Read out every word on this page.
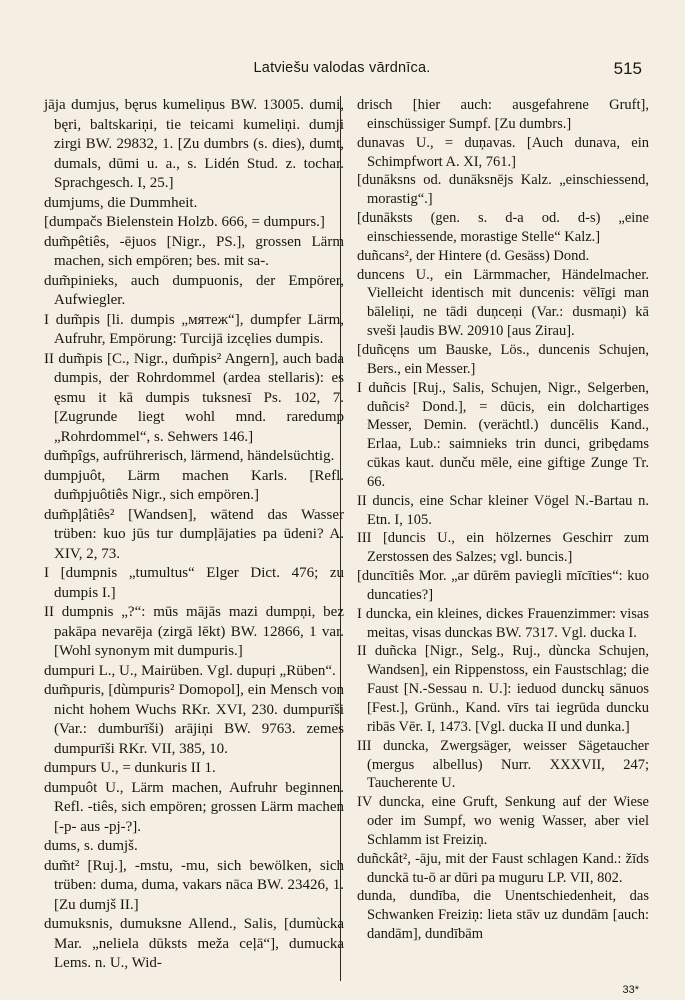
Latviešu valodas vārdnīca.	515

jāja dumjus, bęrus kumeliņus BW. 13005. dumi, bęri, baltskariņi, tie teicami kumeliņi. dumji zirgi BW. 29832, 1. [Zu dumbrs (s. dies), dumt, dumals, dūmi u. a., s. Lidén Stud. z. tochar. Sprachgesch. I, 25.]

dumjums, die Dummheit.

[dumpačs Bielenstein Holzb. 666, = dumpurs.]

dum̃pêtiês, -ējuos [Nigr., PS.], grossen Lärm machen, sich empören; bes. mit sa-.

dum̃pinieks, auch dumpuonis, der Empörer, Aufwiegler.

I dum̃pis [li. dumpis „мятеж“], dumpfer Lärm, Aufruhr, Empörung: Turcijā izcęlies dumpis.

II dum̃pis [C., Nigr., dum̃pis² Angern], auch bada dumpis, der Rohrdommel (ardea stellaris): es ęsmu it kā dumpis tuksnesī Ps. 102, 7. [Zugrunde liegt wohl mnd. raredump „Rohrdommel“, s. Sehwers 146.]

dum̃pîgs, aufrührerisch, lärmend, händelsüchtig.

dumpjuôt, Lärm machen Karls. [Refl. dum̃pjuôtiês Nigr., sich empören.]

dum̃pļâtiês² [Wandsen], wātend das Wasser trüben: kuo jūs tur dumpļājaties pa ūdeni? A. XIV, 2, 73.

I [dumpnis „tumultus“ Elger Dict. 476; zu dumpis I.]

II dumpnis „?“: mūs mājās mazi dumpņi, bez pakāpa nevarēja (zirgā lēkt) BW. 12866, 1 var. [Wohl synonym mit dumpuris.]

dumpuri L., U., Mairüben. Vgl. dupuŗi „Rüben“.

dum̃puris, [dùmpuris² Domopol], ein Mensch von nicht hohem Wuchs RKr. XVI, 230. dumpurīši (Var.: dumburīši) arājiņi BW. 9763. zemes dumpurīši RKr. VII, 385, 10.

dumpurs U., = dunkuris II 1.

dumpuôt U., Lärm machen, Aufruhr beginnen. Refl. -tiês, sich empören; grossen Lärm machen [-p- aus -pj-?].

dums, s. dumjš.

dum̃t² [Ruj.], -mstu, -mu, sich bewölken, sich trüben: duma, duma, vakars nāca BW. 23426, 1. [Zu dumjš II.]

dumuksnis, dumuksne Allend., Salis, [dumùcka Mar. „neliela dūksts meža ceļā“], dumucka Lems. n. U., Wid-

drisch [hier auch: ausgefahrene Gruft], einschüssiger Sumpf. [Zu dumbrs.]

dunavas U., = duņavas. [Auch dunava, ein Schimpfwort A. XI, 761.]

[dunāksns od. dunāksnējs Kalz. „einschiessend, morastig“.]

[dunāksts (gen. s. d-a od. d-s) „eine einschiessende, morastige Stelle“ Kalz.]

duñcans², der Hintere (d. Gesäss) Dond.

duncens U., ein Lärmmacher, Händelmacher. Vielleicht identisch mit duncenis: vēlīgi man bāleliņi, ne tādi duņceņi (Var.: dusmaņi) kā sveši ļaudis BW. 20910 [aus Zirau].

[duñcęns um Bauske, Lös., duncenis Schujen, Bers., ein Messer.]

I duñcis [Ruj., Salis, Schujen, Nigr., Selgerben, duñcis² Dond.], = dūcis, ein dolchartiges Messer, Demin. (verächtl.) duncēlis Kand., Erlaa, Lub.: saimnieks trin dunci, gribędams cūkas kaut. dunču mēle, eine giftige Zunge Tr. 66.

II duncis, eine Schar kleiner Vögel N.-Bartau n. Etn. I, 105.

III [duncis U., ein hölzernes Geschirr zum Zerstossen des Salzes; vgl. buncis.]

[duncītiês Mor. „ar dūrēm paviegli mīcīties“: kuo duncaties?]

I duncka, ein kleines, dickes Frauenzimmer: visas meitas, visas dunckas BW. 7317. Vgl. ducka I.

II duñcka [Nigr., Selg., Ruj., dùncka Schujen, Wandsen], ein Rippenstoss, ein Faustschlag; die Faust [N.-Sessau n. U.]: ieduod dunckų sānuos [Fest.], Grünh., Kand. vīrs tai iegrūda duncku ribās Vēr. I, 1473. [Vgl. ducka II und dunka.]

III duncka, Zwergsäger, weisser Sägetaucher (mergus albellus) Nurr. XXXVII, 247; Taucherente U.

IV duncka, eine Gruft, Senkung auf der Wiese oder im Sumpf, wo wenig Wasser, aber viel Schlamm ist Freiziņ.

duñckât², -āju, mit der Faust schlagen Kand.: žīds dunckā tu-ō ar dūri pa muguru LP. VII, 802.

dunda, dundība, die Unentschiedenheit, das Schwanken Freiziņ: lieta stāv uz dundām [auch: dandām], dundībām

33*
